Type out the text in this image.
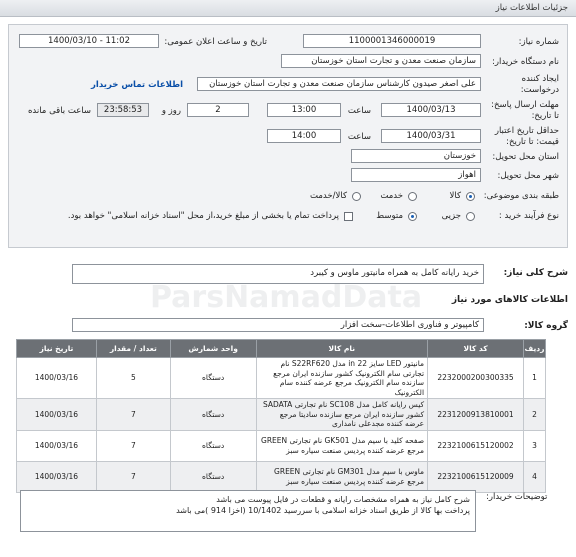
جزئیات اطلاعات نیاز
شماره نیاز:
1100001346000019
تاریخ و ساعت اعلان عمومی:
1400/03/10 - 11:02
نام دستگاه خریدار:
سازمان صنعت معدن و تجارت استان خوزستان
ایجاد کننده
درخواست:
علی اصغر صیدون کارشناس سازمان صنعت معدن و تجارت استان خوزستان
اطلاعات تماس خریدار
مهلت ارسال پاسخ:
تا تاریخ:
1400/03/13
ساعت
13:00
2
روز و
23:58:53
ساعت باقی مانده
حداقل تاریخ اعتبار
قیمت: تا تاریخ:
1400/03/31
ساعت
14:00
استان محل تحویل:
خوزستان
شهر محل تحویل:
اهواز
طبقه بندی موضوعی:
کالا
خدمت
کالا/خدمت
نوع فرآیند خرید :
جزیی
متوسط
پرداخت تمام یا بخشی از مبلغ خرید،از محل "اسناد خزانه اسلامی" خواهد بود.
شرح کلی نیاز:
خرید رایانه کامل به همراه مانیتور ماوس و کیبرد
اطلاعات کالاهای مورد نیاز
گروه کالا:
کامپیوتر و فناوری اطلاعات-سخت افزار
ParsNamadData
ردیف	کد کالا	نام کالا	واحد شمارش	تعداد / مقدار	تاریخ نیاز
1	2232000200300335	مانیتور LED سایز 22 in مدل S22RF620 نام تجارتی سام الکترونیک کشور سازنده ایران مرجع سازنده سام الکترونیک مرجع عرضه کننده سام الکترونیک	دستگاه	5	1400/03/16
2	2231200913810001	کیس رایانه کامل مدل SC108 نام تجارتی SADATA کشور سازنده ایران مرجع سازنده سادیتا مرجع عرضه کننده مجدعلی نامداری	دستگاه	7	1400/03/16
3	2232100615120002	صفحه کلید با سیم مدل GK501 نام تجارتی GREEN مرجع عرضه کننده پردیس صنعت سیاره سبز	دستگاه	7	1400/03/16
4	2232100615120009	ماوس با سیم مدل GM301 نام تجارتی GREEN مرجع عرضه کننده پردیس صنعت سیاره سبز	دستگاه	7	1400/03/16
توضیحات خریدار:
شرح کامل نیاز به همراه مشخصات رایانه و قطعات در فایل پیوست می باشد
پرداخت بها کالا از طریق اسناد خزانه اسلامی با سررسید 10/1402 (اخزا 914 )می باشد
